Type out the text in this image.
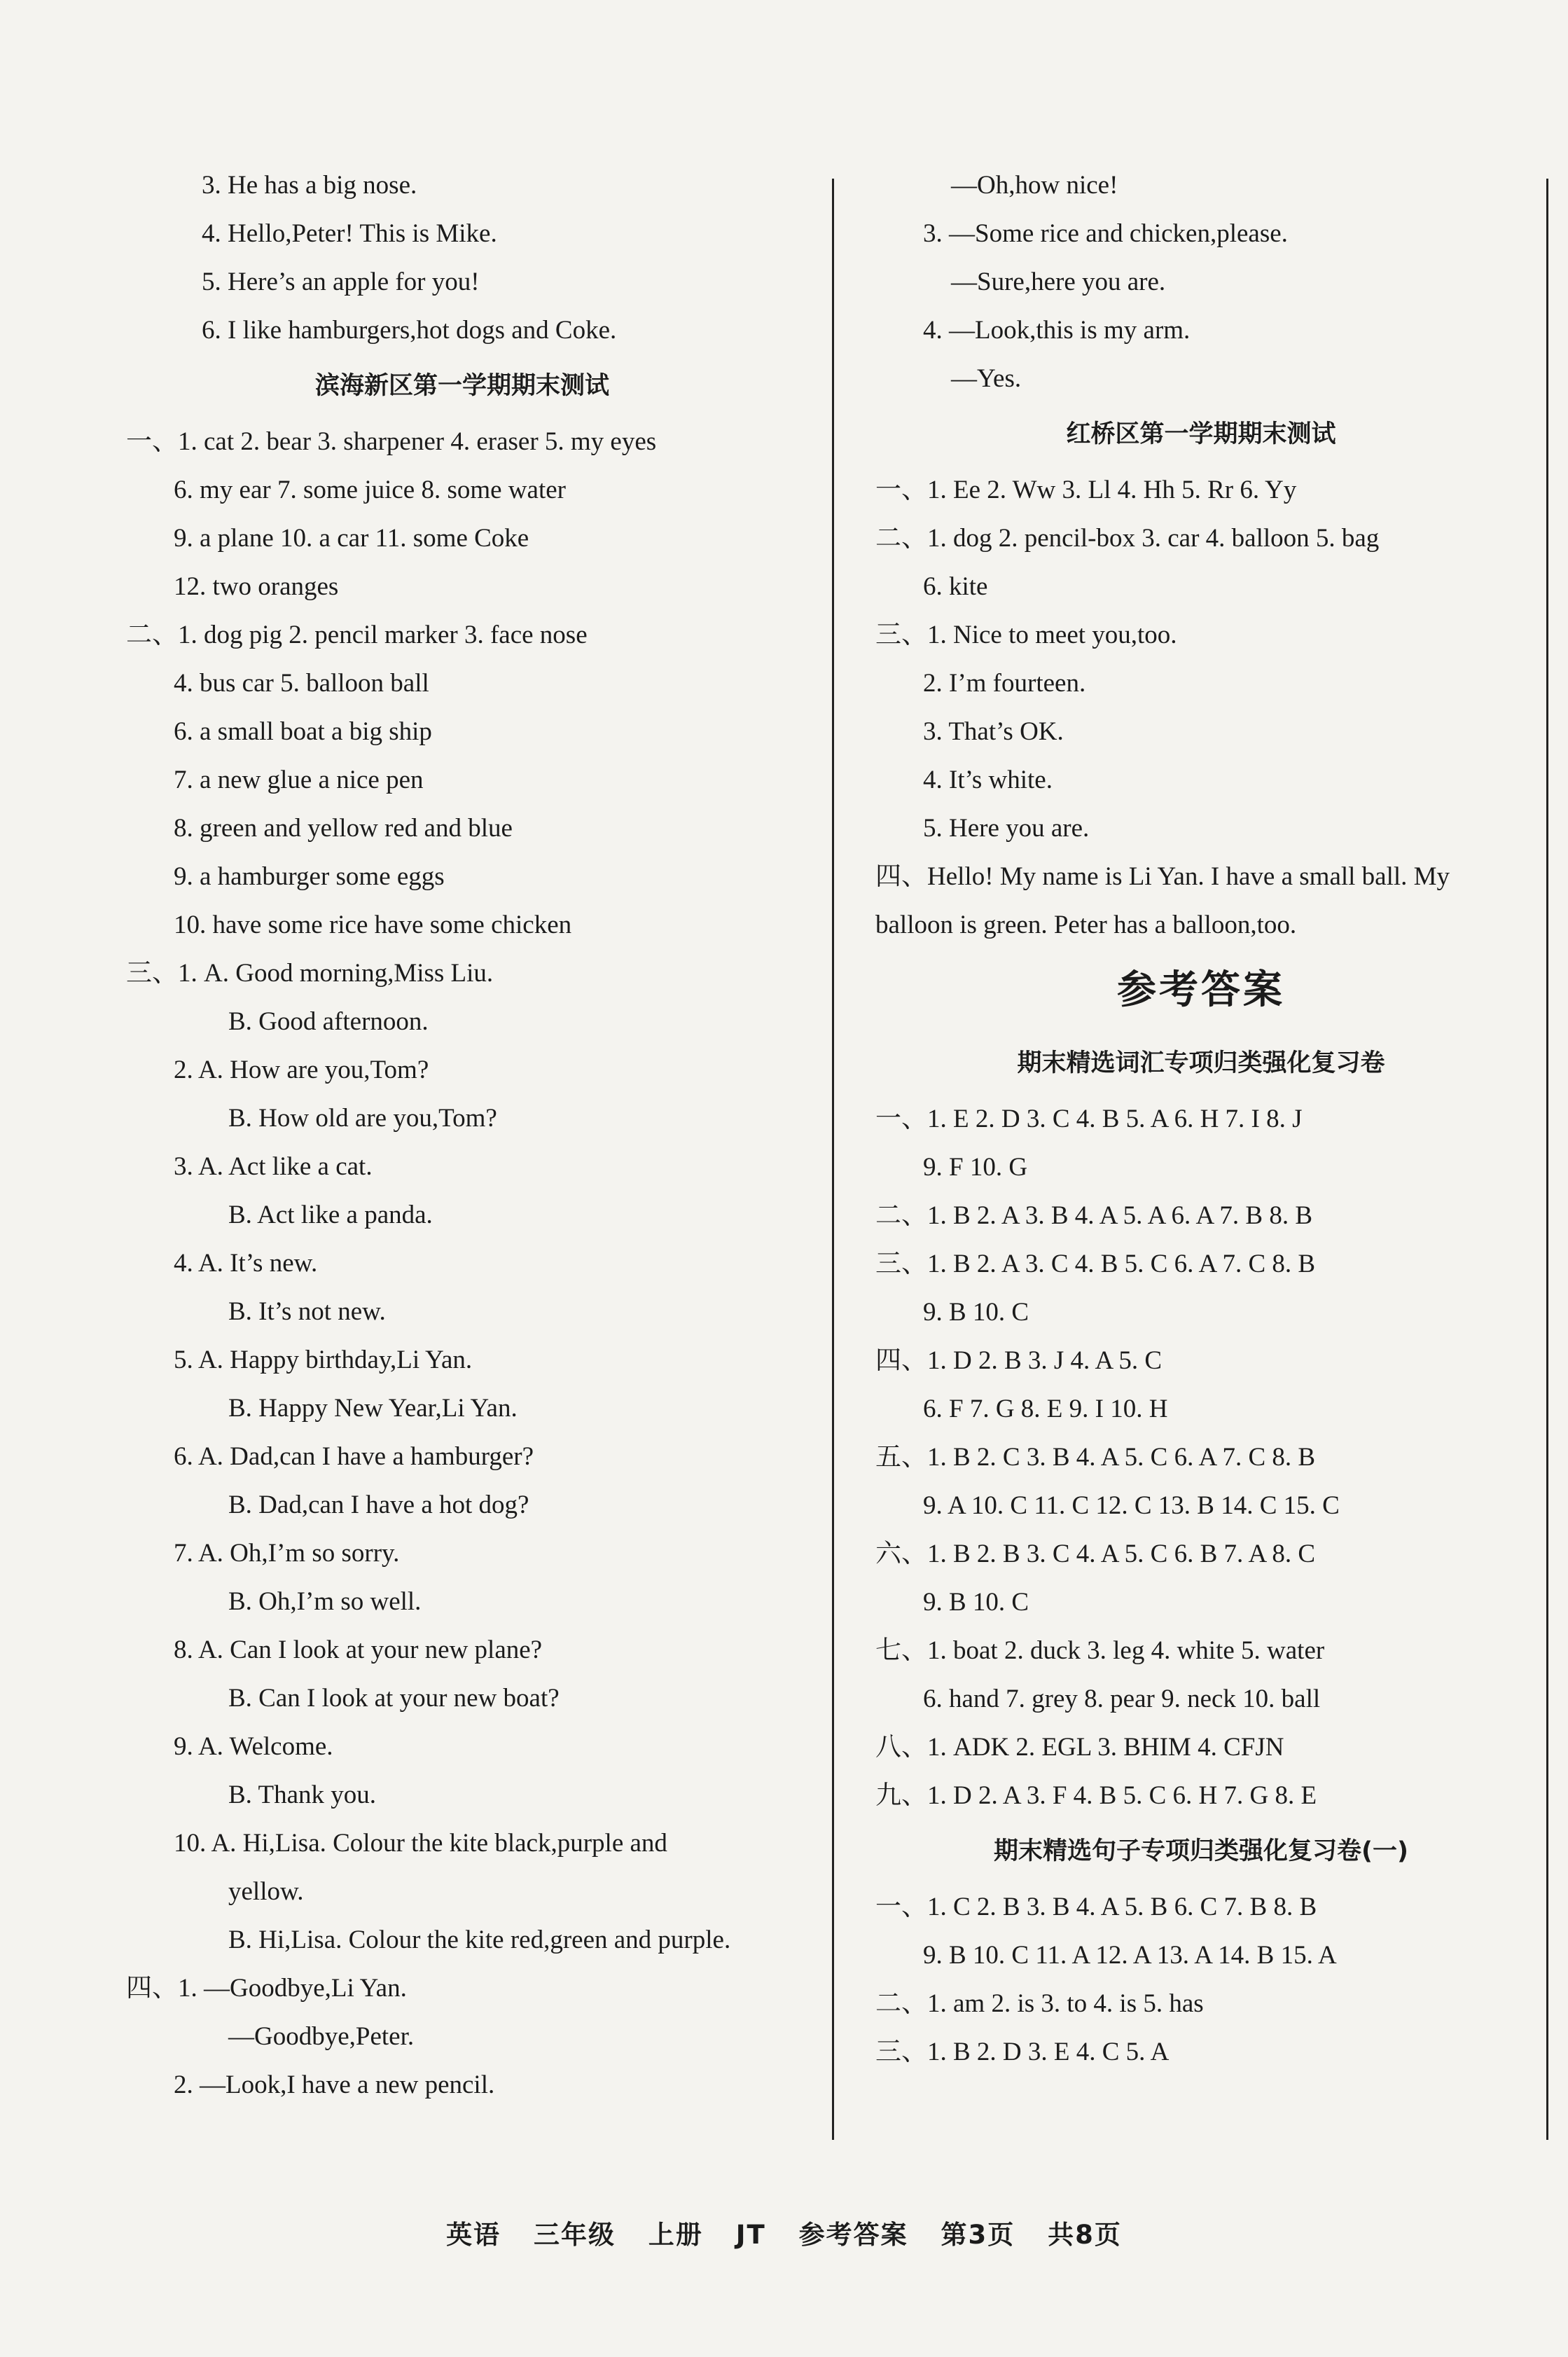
3. He has a big nose.
4. Hello,Peter! This is Mike.
5. Here’s an apple for you!
6. I like hamburgers,hot dogs and Coke.
滨海新区第一学期期末测试
一、1. cat 2. bear 3. sharpener 4. eraser 5. my eyes
6. my ear 7. some juice 8. some water
9. a plane 10. a car 11. some Coke
12. two oranges
二、1. dog pig 2. pencil marker 3. face nose
4. bus car 5. balloon ball
6. a small boat a big ship
7. a new glue a nice pen
8. green and yellow red and blue
9. a hamburger some eggs
10. have some rice have some chicken
三、1. A. Good morning,Miss Liu.
B. Good afternoon.
2. A. How are you,Tom?
B. How old are you,Tom?
3. A. Act like a cat.
B. Act like a panda.
4. A. It’s new.
B. It’s not new.
5. A. Happy birthday,Li Yan.
B. Happy New Year,Li Yan.
6. A. Dad,can I have a hamburger?
B. Dad,can I have a hot dog?
7. A. Oh,I’m so sorry.
B. Oh,I’m so well.
8. A. Can I look at your new plane?
B. Can I look at your new boat?
9. A. Welcome.
B. Thank you.
10. A. Hi,Lisa. Colour the kite black,purple and
yellow.
B. Hi,Lisa. Colour the kite red,green and purple.
四、1. —Goodbye,Li Yan.
—Goodbye,Peter.
2. —Look,I have a new pencil.
—Oh,how nice!
3. —Some rice and chicken,please.
—Sure,here you are.
4. —Look,this is my arm.
—Yes.
红桥区第一学期期末测试
一、1. Ee 2. Ww 3. Ll 4. Hh 5. Rr 6. Yy
二、1. dog 2. pencil-box 3. car 4. balloon 5. bag
6. kite
三、1. Nice to meet you,too.
2. I’m fourteen.
3. That’s OK.
4. It’s white.
5. Here you are.
四、Hello! My name is Li Yan. I have a small ball. My balloon is green. Peter has a balloon,too.
参考答案
期末精选词汇专项归类强化复习卷
一、1. E 2. D 3. C 4. B 5. A 6. H 7. I 8. J
9. F 10. G
二、1. B 2. A 3. B 4. A 5. A 6. A 7. B 8. B
三、1. B 2. A 3. C 4. B 5. C 6. A 7. C 8. B
9. B 10. C
四、1. D 2. B 3. J 4. A 5. C
6. F 7. G 8. E 9. I 10. H
五、1. B 2. C 3. B 4. A 5. C 6. A 7. C 8. B
9. A 10. C 11. C 12. C 13. B 14. C 15. C
六、1. B 2. B 3. C 4. A 5. C 6. B 7. A 8. C
9. B 10. C
七、1. boat 2. duck 3. leg 4. white 5. water
6. hand 7. grey 8. pear 9. neck 10. ball
八、1. ADK 2. EGL 3. BHIM 4. CFJN
九、1. D 2. A 3. F 4. B 5. C 6. H 7. G 8. E
期末精选句子专项归类强化复习卷(一)
一、1. C 2. B 3. B 4. A 5. B 6. C 7. B 8. B
9. B 10. C 11. A 12. A 13. A 14. B 15. A
二、1. am 2. is 3. to 4. is 5. has
三、1. B 2. D 3. E 4. C 5. A
英语 三年级 上册 JT 参考答案 第3页 共8页
